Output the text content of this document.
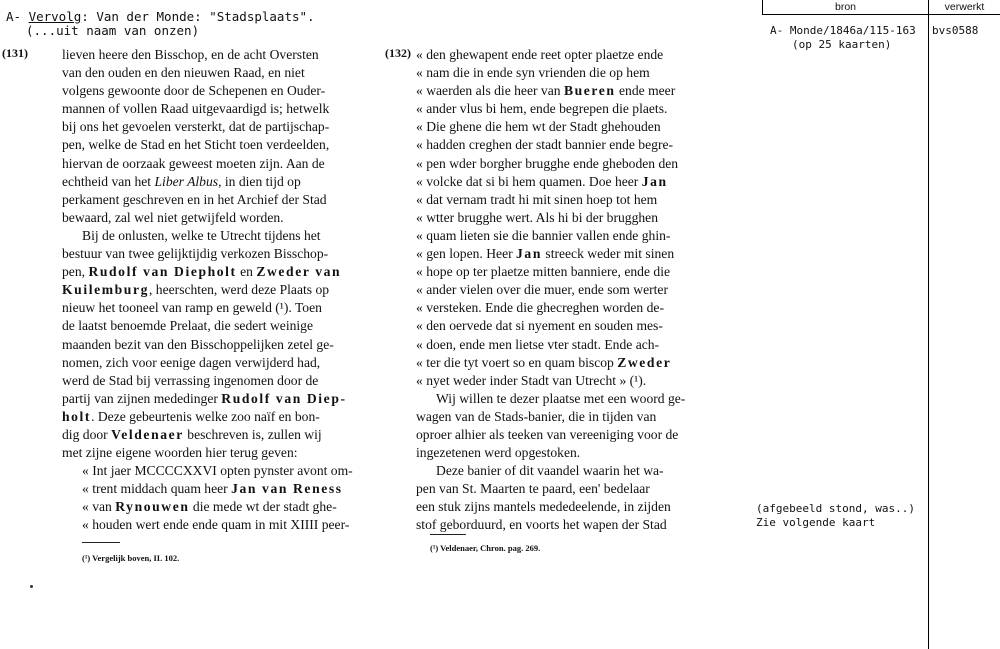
A- Vervolg: Van der Monde: "Stadsplaats".
(...uit naam van onzen)
(131)	lieven heere den Bisschop, en de acht Oversten

van den ouden en den nieuwen Raad, en niet

volgens gewoonte door de Schepenen en Ouder-

mannen of vollen Raad uitgevaardigd is; hetwelk

bij ons het gevoelen versterkt, dat de partijschap-

pen, welke de Stad en het Sticht toen verdeelden,

hiervan de oorzaak geweest moeten zijn. Aan de

echtheid van het Liber Albus, in dien tijd op

perkament geschreven en in het Archief der Stad

bewaard, zal wel niet getwijfeld worden.

Bij de onlusten, welke te Utrecht tijdens het

bestuur van twee gelijktijdig verkozen Bisschop-

pen, Rudolf van Diepholt en Zweder van

Kuilemburg, heerschten, werd deze Plaats op

nieuw het tooneel van ramp en geweld (¹). Toen

de laatst benoemde Prelaat, die sedert weinige

maanden bezit van den Bisschoppelijken zetel ge-

nomen, zich voor eenige dagen verwijderd had,

werd de Stad bij verrassing ingenomen door de

partij van zijnen mededinger Rudolf van Diep-

holt. Deze gebeurtenis welke zoo naïf en bon-

dig door Veldenaer beschreven is, zullen wij

met zijne eigene woorden hier terug geven:

« Int jaer MCCCCXXVI opten pynster avont om-

« trent middach quam heer Jan van Reness

« van Rynouwen die mede wt der stadt ghe-

« houden wert ende ende quam in mit XIIII peer-

(¹) Vergelijk boven, II. 102.
(132) « den ghewapent ende reet opter plaetze ende

« nam die in ende syn vrienden die op hem

« waerden als die heer van Bueren ende meer

« ander vlus bi hem, ende begrepen die plaets.

« Die ghene die hem wt der Stadt ghehouden

« hadden creghen der stadt bannier ende begre-

« pen wder borgher brugghe ende gheboden den

« volcke dat si bi hem quamen. Doe heer Jan

« dat vernam tradt hi mit sinen hoep tot hem

« wtter brugghe wert. Als hi bi der brugghen

« quam lieten sie die bannier vallen ende ghin-

« gen lopen. Heer Jan streeck weder mit sinen

« hope op ter plaetze mitten banniere, ende die

« ander vielen over die muer, ende som werter

« versteken. Ende die ghecreghen worden de-

« den oervede dat si nyement en souden mes-

« doen, ende men lietse vter stadt. Ende ach-

« ter die tyt voert so en quam biscop Zweder

« nyet weder inder Stadt van Utrecht » (¹).

Wij willen te dezer plaatse met een woord ge-

wagen van de Stads-banier, die in tijden van

oproer alhier als teeken van vereeniging voor de

ingezetenen werd opgestoken.

Deze banier of dit vaandel waarin het wa-

pen van St. Maarten te paard, een' bedelaar

een stuk zijns mantels mededeelende, in zijden

stof geborduurd, en voorts het wapen der Stad

(¹) Veldenaer, Chron. pag. 269.
bron	verwerkt
A- Monde/1846a/115-163
(op 25 kaarten)
bvs0588
(afgebeeld stond, was..)
Zie volgende kaart
